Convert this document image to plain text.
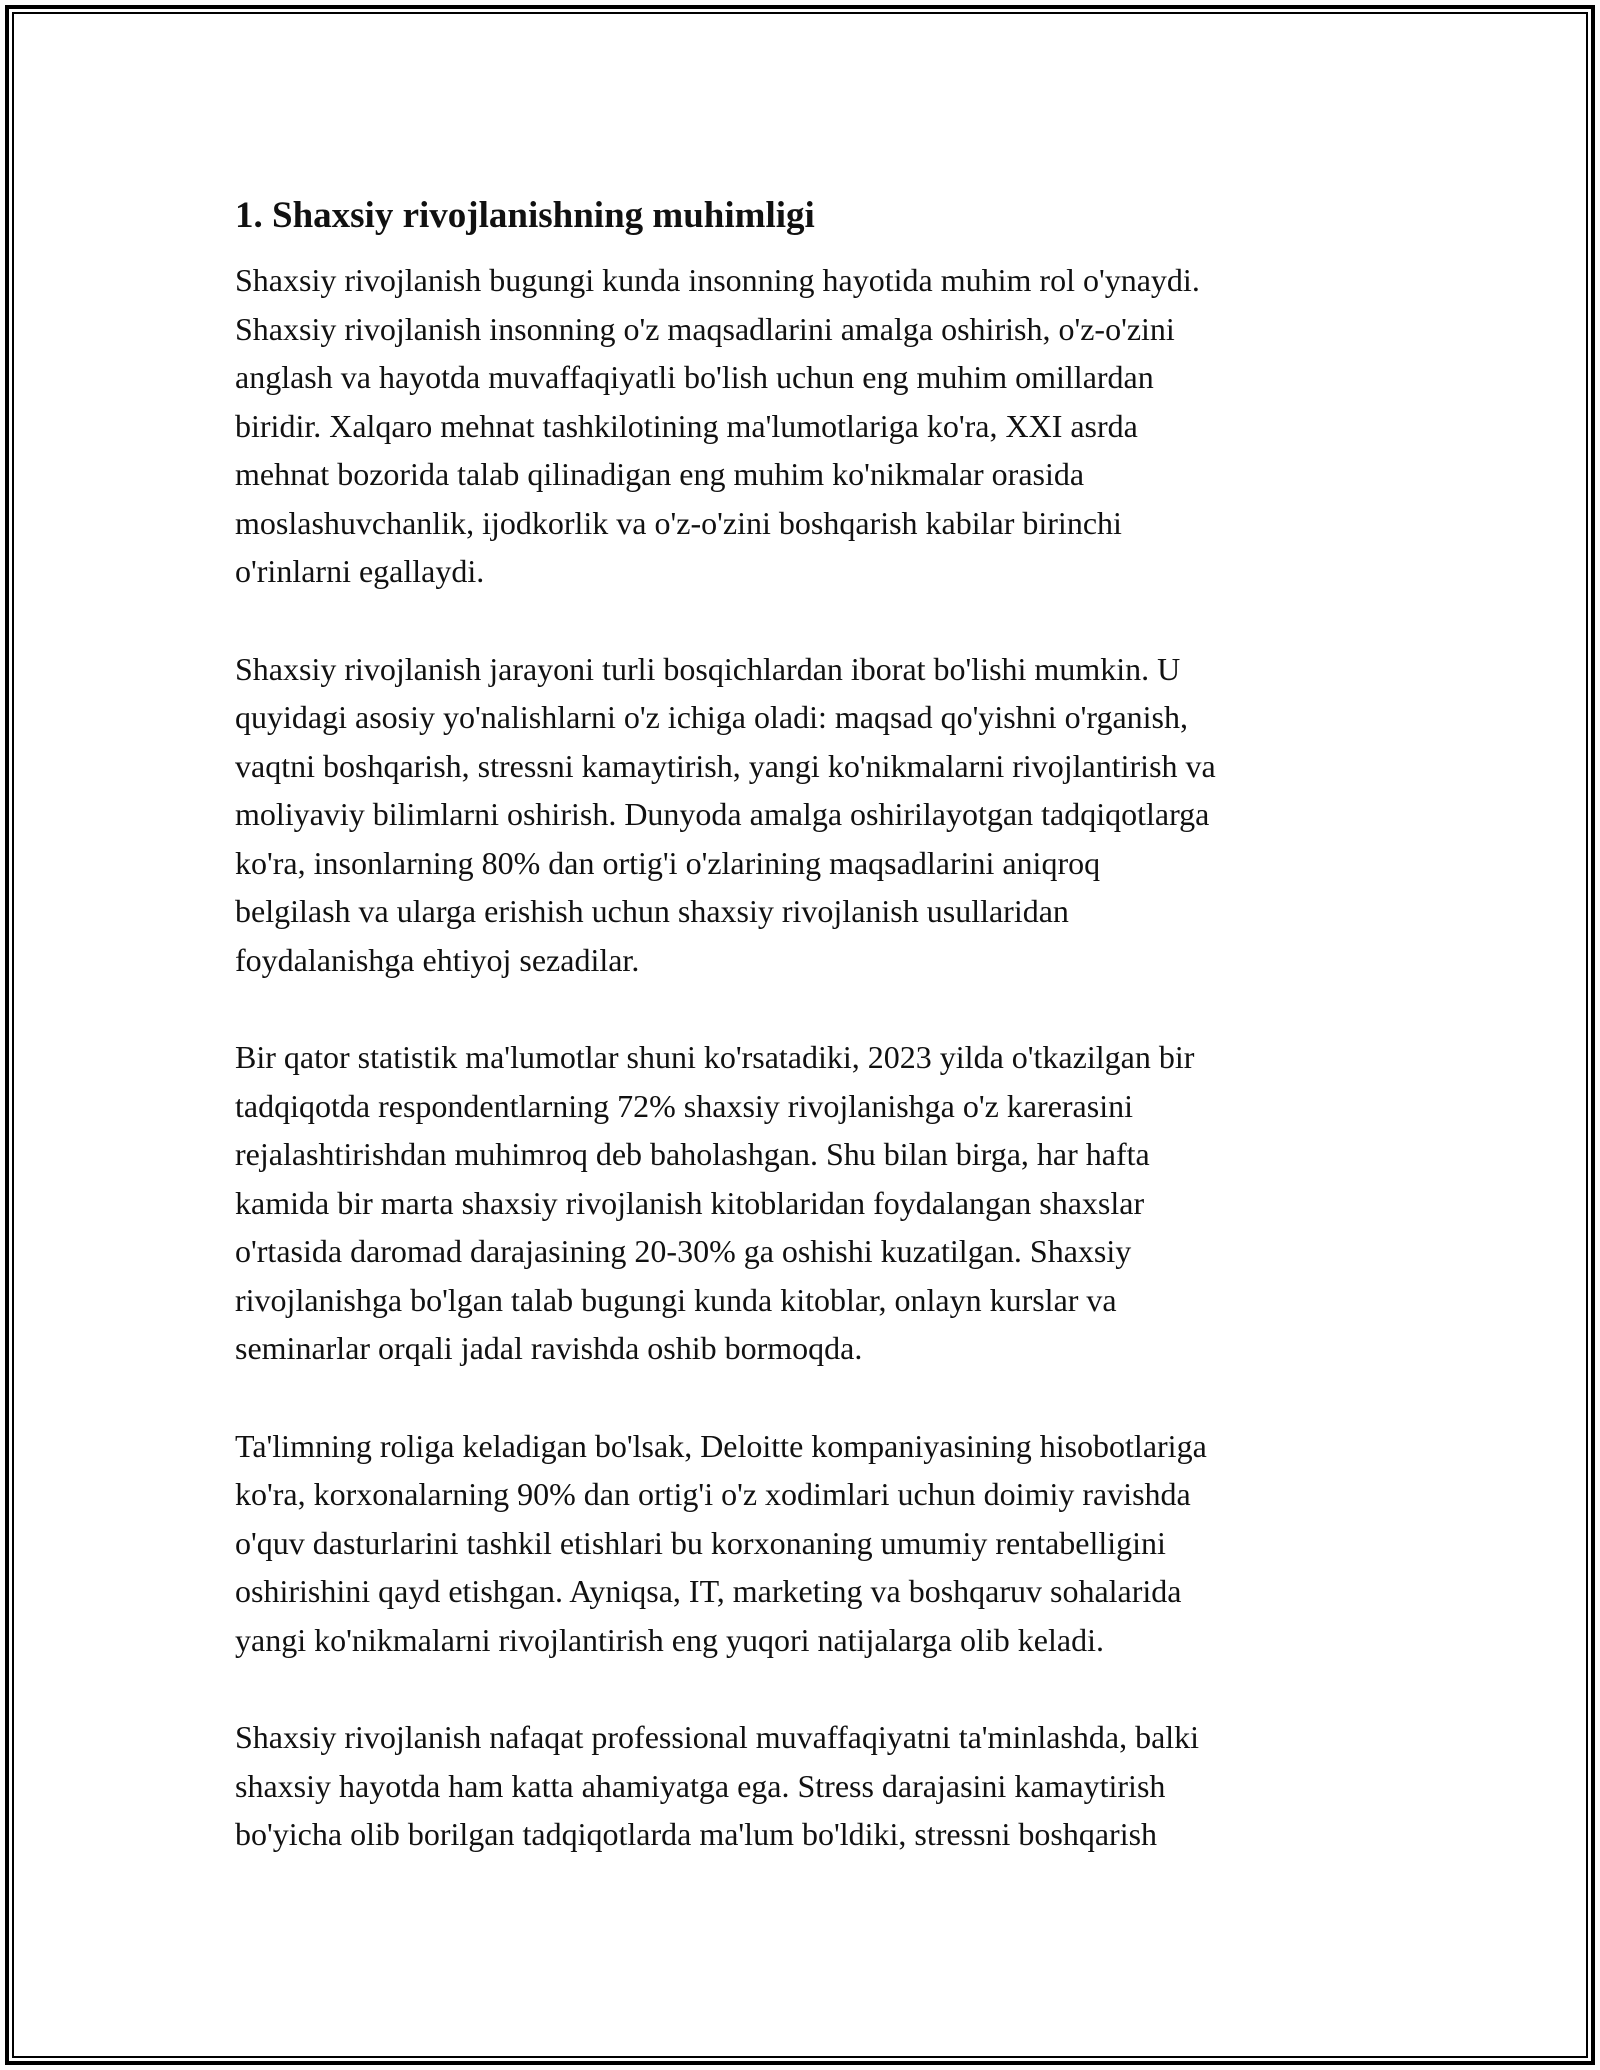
1. Shaxsiy rivojlanishning muhimligi

Shaxsiy rivojlanish bugungi kunda insonning hayotida muhim rol o'ynaydi.
Shaxsiy rivojlanish insonning o'z maqsadlarini amalga oshirish, o'z-o'zini
anglash va hayotda muvaffaqiyatli bo'lish uchun eng muhim omillardan
biridir. Xalqaro mehnat tashkilotining ma'lumotlariga ko'ra, XXI asrda
mehnat bozorida talab qilinadigan eng muhim ko'nikmalar orasida
moslashuvchanlik, ijodkorlik va o'z-o'zini boshqarish kabilar birinchi
o'rinlarni egallaydi.

Shaxsiy rivojlanish jarayoni turli bosqichlardan iborat bo'lishi mumkin. U
quyidagi asosiy yo'nalishlarni o'z ichiga oladi: maqsad qo'yishni o'rganish,
vaqtni boshqarish, stressni kamaytirish, yangi ko'nikmalarni rivojlantirish va
moliyaviy bilimlarni oshirish. Dunyoda amalga oshirilayotgan tadqiqotlarga
ko'ra, insonlarning 80% dan ortig'i o'zlarining maqsadlarini aniqroq
belgilash va ularga erishish uchun shaxsiy rivojlanish usullaridan
foydalanishga ehtiyoj sezadilar.

Bir qator statistik ma'lumotlar shuni ko'rsatadiki, 2023 yilda o'tkazilgan bir
tadqiqotda respondentlarning 72% shaxsiy rivojlanishga o'z karerasini
rejalashtirishdan muhimroq deb baholashgan. Shu bilan birga, har hafta
kamida bir marta shaxsiy rivojlanish kitoblaridan foydalangan shaxslar
o'rtasida daromad darajasining 20-30% ga oshishi kuzatilgan. Shaxsiy
rivojlanishga bo'lgan talab bugungi kunda kitoblar, onlayn kurslar va
seminarlar orqali jadal ravishda oshib bormoqda.

Ta'limning roliga keladigan bo'lsak, Deloitte kompaniyasining hisobotlariga
ko'ra, korxonalarning 90% dan ortig'i o'z xodimlari uchun doimiy ravishda
o'quv dasturlarini tashkil etishlari bu korxonaning umumiy rentabelligini
oshirishini qayd etishgan. Ayniqsa, IT, marketing va boshqaruv sohalarida
yangi ko'nikmalarni rivojlantirish eng yuqori natijalarga olib keladi.

Shaxsiy rivojlanish nafaqat professional muvaffaqiyatni ta'minlashda, balki
shaxsiy hayotda ham katta ahamiyatga ega. Stress darajasini kamaytirish
bo'yicha olib borilgan tadqiqotlarda ma'lum bo'ldiki, stressni boshqarish
